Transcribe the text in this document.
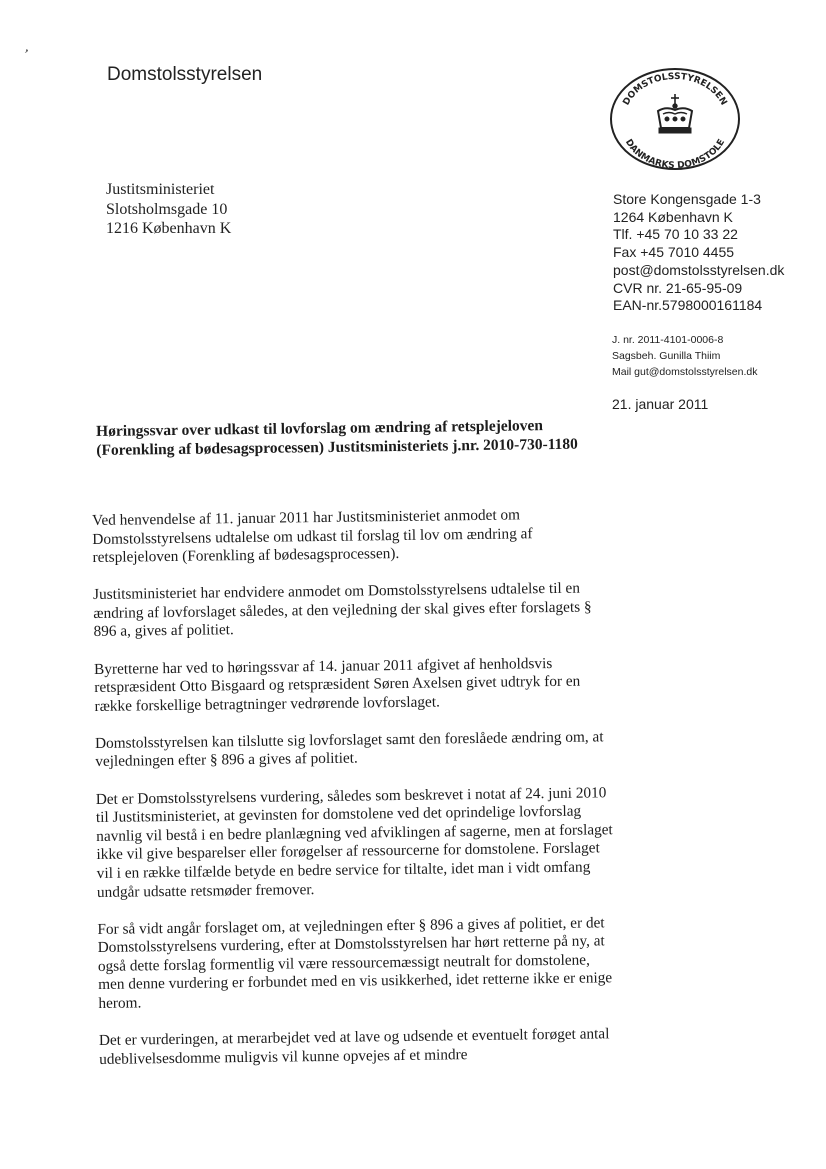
,
Domstolsstyrelsen
DOMSTOLSSTYRELSEN
DANMARKS DOMSTOLE
Justitsministeriet
Slotsholmsgade 10
1216 København K
Store Kongensgade 1-3
1264 København K
Tlf. +45 70 10 33 22
Fax +45 7010 4455
post@domstolsstyrelsen.dk
CVR nr. 21-65-95-09
EAN-nr.5798000161184
J. nr. 2011-4101-0006-8
Sagsbeh. Gunilla Thiim
Mail gut@domstolsstyrelsen.dk
21. januar 2011
Høringssvar over udkast til lovforslag om ændring af retsplejeloven (Forenkling af bødesagsprocessen) Justitsministeriets j.nr. 2010-730-1180

Ved henvendelse af 11. januar 2011 har Justitsministeriet anmodet om Domstolsstyrelsens udtalelse om udkast til forslag til lov om ændring af retsplejeloven (Forenkling af bødesagsprocessen).

Justitsministeriet har endvidere anmodet om Domstolsstyrelsens udtalelse til en ændring af lovforslaget således, at den vejledning der skal gives efter forslagets § 896 a, gives af politiet.

Byretterne har ved to høringssvar af 14. januar 2011 afgivet af henholdsvis retspræsident Otto Bisgaard og retspræsident Søren Axelsen givet udtryk for en række forskellige betragtninger vedrørende lovforslaget.

Domstolsstyrelsen kan tilslutte sig lovforslaget samt den foreslåede ændring om, at vejledningen efter § 896 a gives af politiet.

Det er Domstolsstyrelsens vurdering, således som beskrevet i notat af 24. juni 2010 til Justitsministeriet, at gevinsten for domstolene ved det oprindelige lovforslag navnlig vil bestå i en bedre planlægning ved afviklingen af sagerne, men at forslaget ikke vil give besparelser eller forøgelser af ressourcerne for domstolene. Forslaget vil i en række tilfælde betyde en bedre service for tiltalte, idet man i vidt omfang undgår udsatte retsmøder fremover.

For så vidt angår forslaget om, at vejledningen efter § 896 a gives af politiet, er det Domstolsstyrelsens vurdering, efter at Domstolsstyrelsen har hørt retterne på ny, at også dette forslag formentlig vil være ressourcemæssigt neutralt for domstolene, men denne vurdering er forbundet med en vis usikkerhed, idet retterne ikke er enige herom.

Det er vurderingen, at merarbejdet ved at lave og udsende et eventuelt forøget antal udeblivelsesdomme muligvis vil kunne opvejes af et mindre
